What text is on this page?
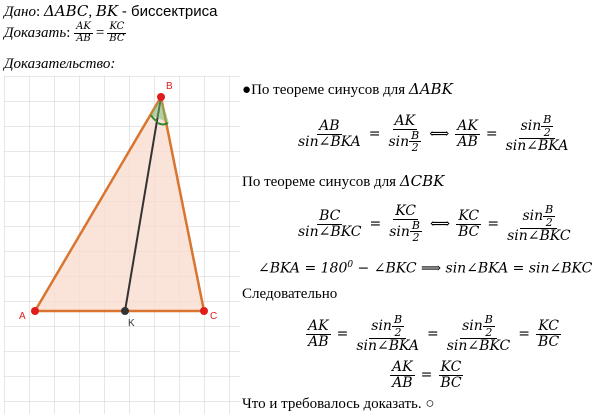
Дано: ΔABC, BK - биссектриса
Доказать : $\frac{AK}{AB} = \frac{KC}{BC}$
Доказательство:
A
B
C
K
●По теореме синусов для ΔABK
$\frac{AB}{\text{sin∠BKA}} = \frac{AK}{\sin \frac{B}{2}}$ ⟺ $\frac{AK}{AB} = \frac{\sin \frac{B}{2}}{\text{sin∠BKA}}$
По теореме синусов для ΔCBK
$\frac{BC}{\text{sin∠BKC}} = \frac{KC}{\sin \frac{B}{2}}$ ⟺ $\frac{KC}{BC} = \frac{\sin \frac{B}{2}}{\text{sin∠BKC}}$
∠BKA = $180^0$ − ∠BKC ⟹ sin∠BKA = sin∠BKC
Следовательно
$\frac{AK}{AB} = \frac{\sin \frac{B}{2}}{\text{sin∠BKA}} = \frac{\sin \frac{B}{2}}{\text{sin∠BKC}} = \frac{KC}{BC}$
$\frac{AK}{AB} = \frac{KC}{BC}$
Что и требовалось доказать. ○
